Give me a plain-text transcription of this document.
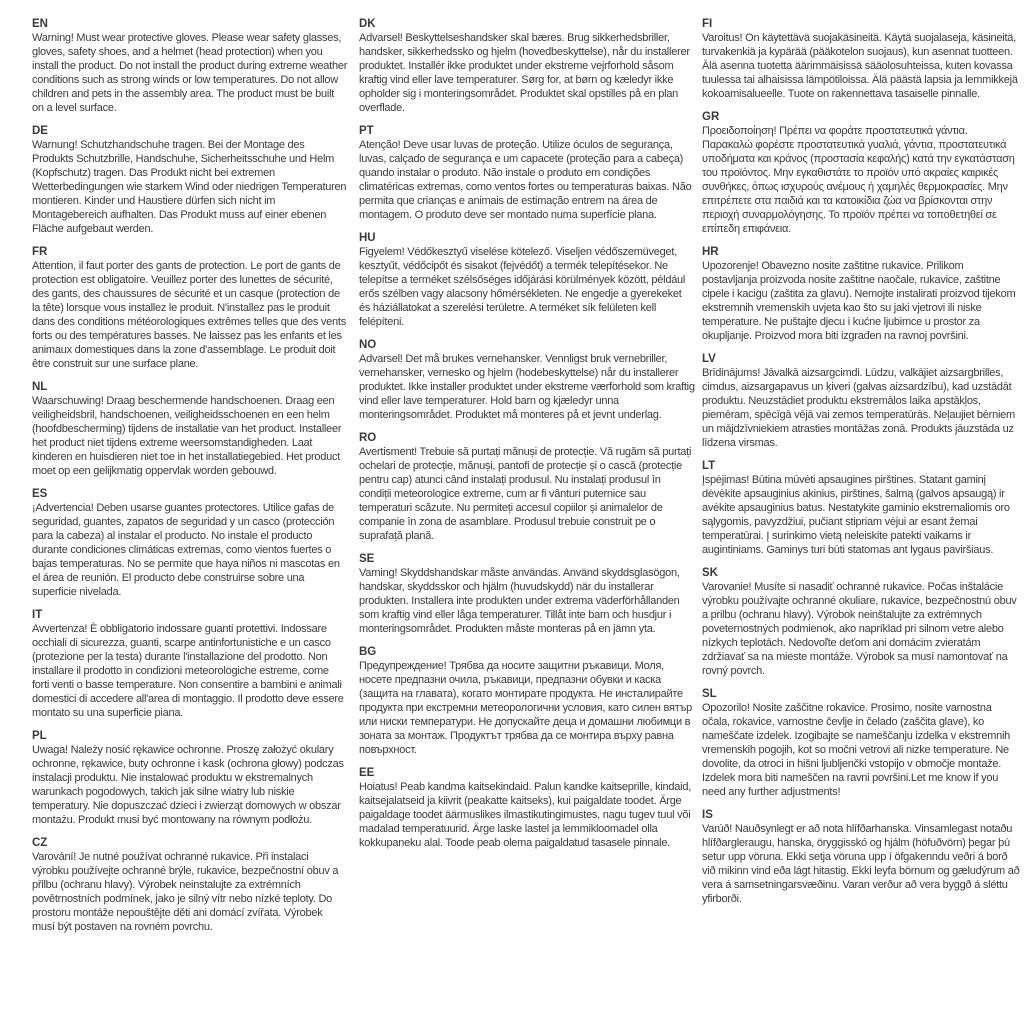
EN

Warning! Must wear protective gloves. Please wear safety glasses, gloves, safety shoes, and a helmet (head protection) when you install the product. Do not install the product during extreme weather conditions such as strong winds or low temperatures. Do not allow children and pets in the assembly area. The product must be built on a level surface.

DE

Warnung! Schutzhandschuhe tragen. Bei der Montage des Produkts Schutzbrille, Handschuhe, Sicherheitsschuhe und Helm (Kopfschutz) tragen. Das Produkt nicht bei extremen Wetterbedingungen wie starkem Wind oder niedrigen Temperaturen montieren. Kinder und Haustiere dürfen sich nicht im Montagebereich aufhalten. Das Produkt muss auf einer ebenen Fläche aufgebaut werden.

FR

Attention, il faut porter des gants de protection. Le port de gants de protection est obligatoire. Veuillez porter des lunettes de sécurité, des gants, des chaussures de sécurité et un casque (protection de la tête) lorsque vous installez le produit. N'installez pas le produit dans des conditions météorologiques extrêmes telles que des vents forts ou des températures basses. Ne laissez pas les enfants et les animaux domestiques dans la zone d'assemblage. Le produit doit être construit sur une surface plane.

NL

Waarschuwing! Draag beschermende handschoenen. Draag een veiligheidsbril, handschoenen, veiligheidsschoenen en een helm (hoofdbescherming) tijdens de installatie van het product. Installeer het product niet tijdens extreme weersomstandigheden. Laat kinderen en huisdieren niet toe in het installatiegebied. Het product moet op een gelijkmatig oppervlak worden gebouwd.

ES

¡Advertencia! Deben usarse guantes protectores. Utilice gafas de seguridad, guantes, zapatos de seguridad y un casco (protección para la cabeza) al instalar el producto. No instale el producto durante condiciones climáticas extremas, como vientos fuertes o bajas temperaturas. No se permite que haya niños ni mascotas en el área de reunión. El producto debe construirse sobre una superficie nivelada.

IT

Avvertenza! È obbligatorio indossare guanti protettivi. Indossare occhiali di sicurezza, guanti, scarpe antinfortunistiche e un casco (protezione per la testa) durante l'installazione del prodotto. Non installare il prodotto in condizioni meteorologiche estreme, come forti venti o basse temperature. Non consentire a bambini e animali domestici di accedere all'area di montaggio. Il prodotto deve essere montato su una superficie piana.

PL

Uwaga! Należy nosić rękawice ochronne. Proszę założyć okulary ochronne, rękawice, buty ochronne i kask (ochrona głowy) podczas instalacji produktu. Nie instalować produktu w ekstremalnych warunkach pogodowych, takich jak silne wiatry lub niskie temperatury. Nie dopuszczać dzieci i zwierząt domowych w obszar montażu. Produkt musi być montowany na równym podłożu.

CZ

Varování! Je nutné používat ochranné rukavice. Při instalaci výrobku používejte ochranné brýle, rukavice, bezpečnostní obuv a přilbu (ochranu hlavy). Výrobek neinstalujte za extrémních povětrnostních podmínek, jako je silný vítr nebo nízké teploty. Do prostoru montáže nepouštějte děti ani domácí zvířata. Výrobek musí být postaven na rovném povrchu.

DK

Advarsel! Beskyttelseshandsker skal bæres. Brug sikkerhedsbriller, handsker, sikkerhedssko og hjelm (hovedbeskyttelse), når du installerer produktet. Installér ikke produktet under ekstreme vejrforhold såsom kraftig vind eller lave temperaturer. Sørg for, at børn og kæledyr ikke opholder sig i monteringsområdet. Produktet skal opstilles på en plan overflade.

PT

Atenção! Deve usar luvas de proteção. Utilize óculos de segurança, luvas, calçado de segurança e um capacete (proteção para a cabeça) quando instalar o produto. Não instale o produto em condições climatéricas extremas, como ventos fortes ou temperaturas baixas. Não permita que crianças e animais de estimação entrem na área de montagem. O produto deve ser montado numa superfície plana.

HU

Figyelem! Védőkesztyű viselése kötelező. Viseljen védőszemüveget, kesztyűt, védőcipőt és sisakot (fejvédőt) a termék telepítésekor. Ne telepítse a terméket szélsőséges időjárási körülmények között, például erős szélben vagy alacsony hőmérsékleten. Ne engedje a gyerekeket és háziállatokat a szerelési területre. A terméket sík felületen kell felépíteni.

NO

Advarsel! Det må brukes vernehansker. Vennligst bruk vernebriller, vernehansker, vernesko og hjelm (hodebeskyttelse) når du installerer produktet. Ikke installer produktet under ekstreme værforhold som kraftig vind eller lave temperaturer. Hold barn og kjæledyr unna monteringsområdet. Produktet må monteres på et jevnt underlag.

RO

Avertisment! Trebuie să purtați mănuși de protecție. Vă rugăm să purtați ochelari de protecție, mănuși, pantofi de protecție și o cască (protecție pentru cap) atunci când instalați produsul. Nu instalați produsul în condiții meteorologice extreme, cum ar fi vânturi puternice sau temperaturi scăzute. Nu permiteți accesul copiilor și animalelor de companie în zona de asamblare. Produsul trebuie construit pe o suprafață plană.

SE

Varning! Skyddshandskar måste användas. Använd skyddsglasögon, handskar, skyddsskor och hjälm (huvudskydd) när du installerar produkten. Installera inte produkten under extrema väderförhållanden som kraftig vind eller låga temperaturer. Tillåt inte barn och husdjur i monteringsområdet. Produkten måste monteras på en jämn yta.

BG

Предупреждение! Трябва да носите защитни ръкавици. Моля, носете предпазни очила, ръкавици, предпазни обувки и каска (защита на главата), когато монтирате продукта. Не инсталирайте продукта при екстремни метеорологични условия, като силен вятър или ниски температури. Не допускайте деца и домашни любимци в зоната за монтаж. Продуктът трябва да се монтира върху равна повърхност.

EE

Hoiatus! Peab kandma kaitsekindaid. Palun kandke kaitseprille, kindaid, kaitsejalatseid ja kiivrit (peakatte kaitseks), kui paigaldate toodet. Ärge paigaldage toodet äärmuslikes ilmastikutingimustes, nagu tugev tuul või madalad temperatuurid. Ärge laske lastel ja lemmikloomadel olla kokkupaneku alal. Toode peab olema paigaldatud tasasele pinnale.

FI

Varoitus! On käytettävä suojakäsineitä. Käytä suojalaseja, käsineitä, turvakenkiä ja kypärää (pääkotelon suojaus), kun asennat tuotteen. Älä asenna tuotetta äärimmäisissä sääolosuhteissa, kuten kovassa tuulessa tai alhaisissa lämpötiloissa. Älä päästä lapsia ja lemmikkejä kokoamisalueelle. Tuote on rakennettava tasaiselle pinnalle.

GR

Προειδοποίηση! Πρέπει να φοράτε προστατευτικά γάντια. Παρακαλώ φορέστε προστατευτικά γυαλιά, γάντια, προστατευτικά υποδήματα και κράνος (προστασία κεφαλής) κατά την εγκατάσταση του προϊόντος. Μην εγκαθιστάτε το προϊόν υπό ακραίες καιρικές συνθήκες, όπως ισχυρούς ανέμους ή χαμηλές θερμοκρασίες. Μην επιτρέπετε στα παιδιά και τα κατοικίδια ζώα να βρίσκονται στην περιοχή συναρμολόγησης. Το προϊόν πρέπει να τοποθετηθεί σε επίπεδη επιφάνεια.

HR

Upozorenje! Obavezno nosite zaštitne rukavice. Prilikom postavljanja proizvoda nosite zaštitne naočale, rukavice, zaštitne cipele i kacigu (zaštita za glavu). Nemojte instalirati proizvod tijekom ekstremnih vremenskih uvjeta kao što su jaki vjetrovi ili niske temperature. Ne puštajte djecu i kućne ljubimce u prostor za okupljanje. Proizvod mora biti izgrađen na ravnoj površini.

LV

Brīdinājums! Jāvalkā aizsargcimdi. Lūdzu, valkājiet aizsargbrilles, cimdus, aizsargapavus un ķiveri (galvas aizsardzību), kad uzstādāt produktu. Neuzstādiet produktu ekstremālos laika apstākļos, piemēram, spēcīgā vējā vai zemos temperatūrās. Neļaujiet bērniem un mājdzīvniekiem atrasties montāžas zonā. Produkts jāuzstāda uz līdzena virsmas.

LT

Įspėjimas! Būtina mūvėti apsaugines pirštines. Statant gaminį dėvėkite apsauginius akinius, pirštines, šalmą (galvos apsaugą) ir avėkite apsauginius batus. Nestatykite gaminio ekstremaliomis oro sąlygomis, pavyzdžiui, pučiant stipriam vėjui ar esant žemai temperatūrai. Į surinkimo vietą neleiskite patekti vaikams ir augintiniams. Gaminys turi būti statomas ant lygaus paviršiaus.

SK

Varovanie! Musíte si nasadiť ochranné rukavice. Počas inštalácie výrobku používajte ochranné okuliare, rukavice, bezpečnostnú obuv a prilbu (ochranu hlavy). Výrobok neinštalujte za extrémnych poveternostných podmienok, ako napríklad pri silnom vetre alebo nízkych teplotách. Nedovoľte deťom ani domácim zvieratám zdržiavať sa na mieste montáže. Výrobok sa musí namontovať na rovný povrch.

SL

Opozorilo! Nosite zaščitne rokavice. Prosimo, nosite varnostna očala, rokavice, varnostne čevlje in čelado (zaščita glave), ko nameščate izdelek. Izogibajte se nameščanju izdelka v ekstremnih vremenskih pogojih, kot so močni vetrovi ali nizke temperature. Ne dovolite, da otroci in hišni ljubljenčki vstopijo v območje montaže. Izdelek mora biti nameščen na ravni površini.Let me know if you need any further adjustments!

IS

Varúð! Nauðsynlegt er að nota hlífðarhanska. Vinsamlegast notaðu hlífðargleraugu, hanska, öryggisskó og hjálm (höfuðvörn) þegar þú setur upp vöruna. Ekki setja vöruna upp í öfgakenndu veðri á borð við mikinn vind eða lágt hitastig. Ekki leyfa börnum og gæludýrum að vera á samsetningarsvæðinu. Varan verður að vera byggð á sléttu yfirborði.
